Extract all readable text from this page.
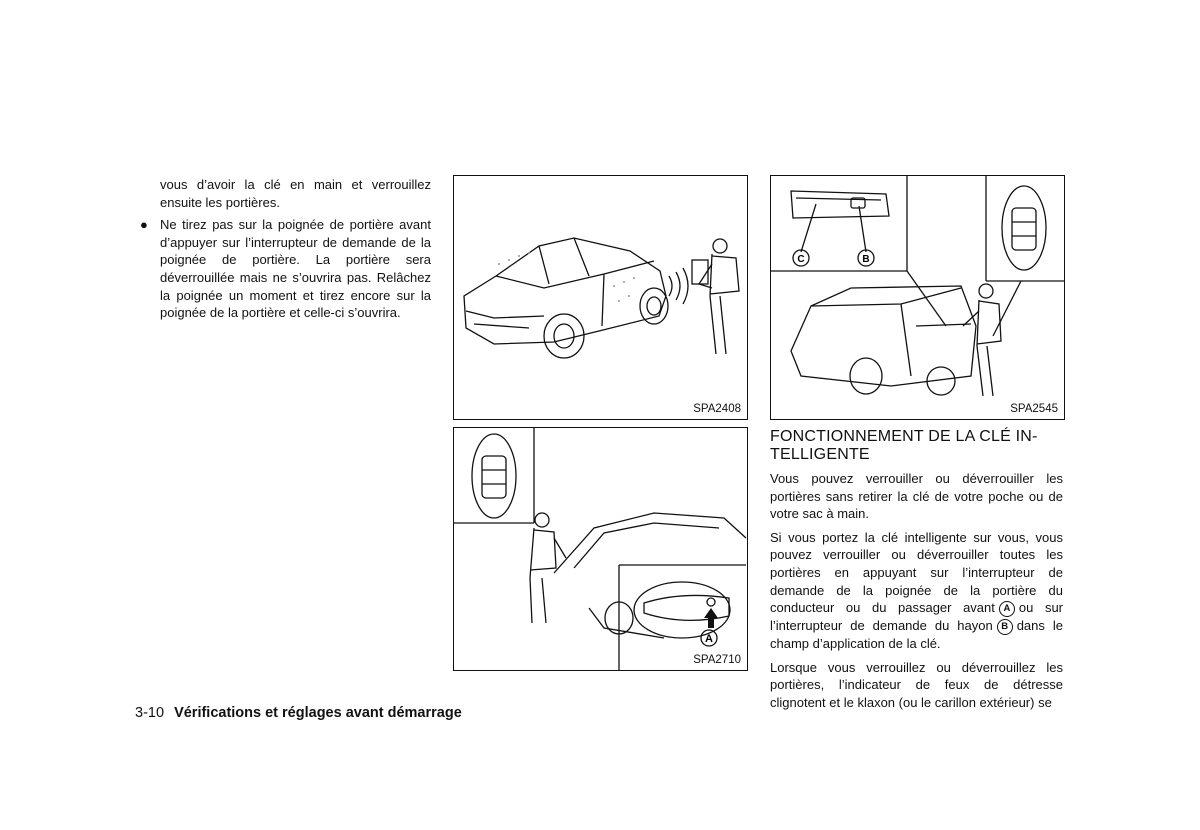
vous d’avoir la clé en main et verrouillez ensuite les portières.
● Ne tirez pas sur la poignée de portière avant d’appuyer sur l’interrupteur de demande de la poignée de portière. La portière sera déverrouillée mais ne s’ouvrira pas. Relâchez la poignée un moment et tirez encore sur la poignée de la portière et celle-ci s’ouvrira.
SPA2408
A
SPA2710
C	B
SPA2545
FONCTIONNEMENT DE LA CLÉ IN- TELLIGENTE

Vous pouvez verrouiller ou déverrouiller les portières sans retirer la clé de votre poche ou de votre sac à main.

Si vous portez la clé intelligente sur vous, vous pouvez verrouiller ou déverrouiller toutes les portières en appuyant sur l’interrupteur de demande de la poignée de la portière du conducteur ou du passager avant A ou sur l’interrupteur de demande du hayon B dans le champ d’application de la clé.

Lorsque vous verrouillez ou déverrouillez les portières, l’indicateur de feux de détresse clignotent et le klaxon (ou le carillon extérieur) se

3-10 Vérifications et réglages avant démarrage
